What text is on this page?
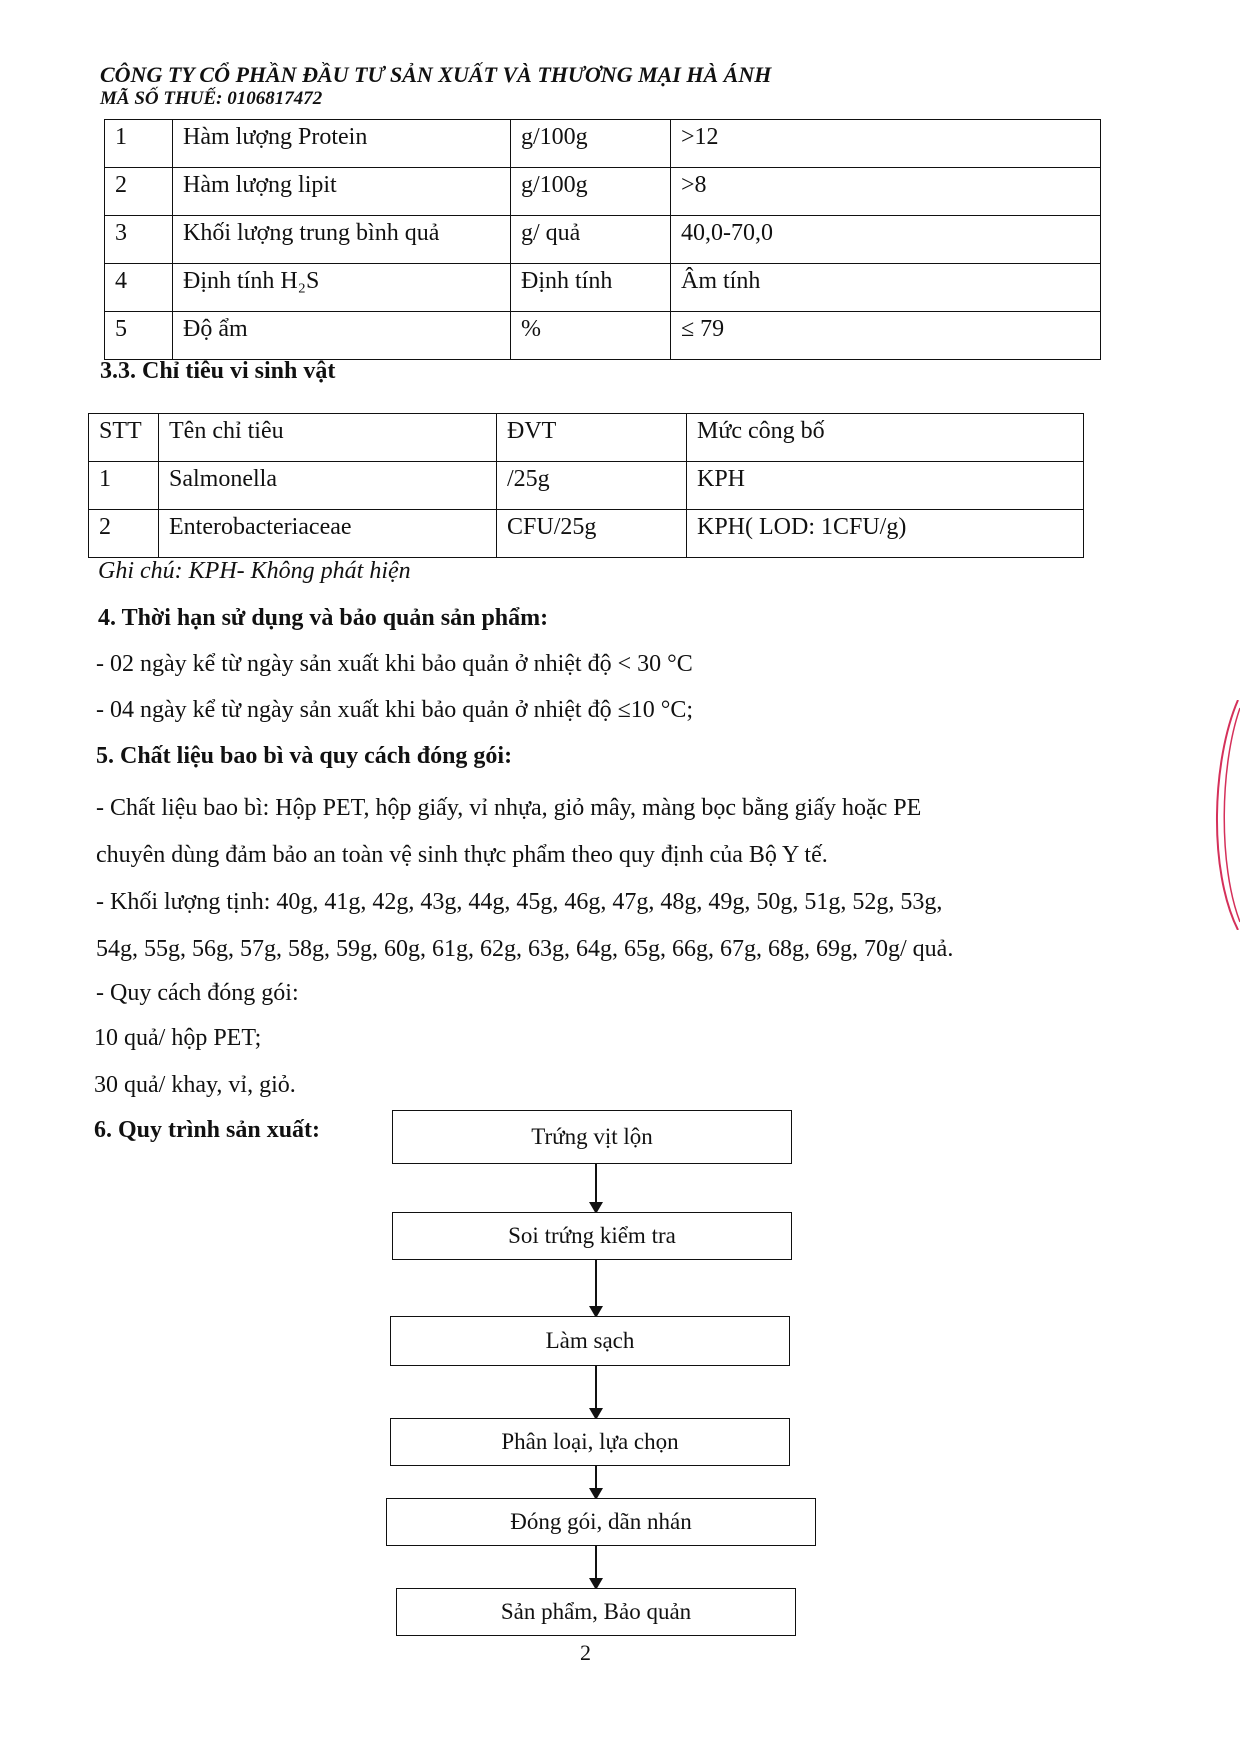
CÔNG TY CỔ PHẦN ĐẦU TƯ SẢN XUẤT VÀ THƯƠNG MẠI HÀ ÁNH
MÃ SỐ THUẾ: 0106817472
1	Hàm lượng Protein	g/100g	>12
2	Hàm lượng lipit	g/100g	>8
3	Khối lượng trung bình quả	g/ quả	40,0-70,0
4	Định tính H₂S	Định tính	Âm tính
5	Độ ẩm	%	≤ 79
3.3. Chỉ tiêu vi sinh vật
STT	Tên chỉ tiêu	ĐVT	Mức công bố
1	Salmonella	/25g	KPH
2	Enterobacteriaceae	CFU/25g	KPH( LOD: 1CFU/g)
Ghi chú: KPH- Không phát hiện
4. Thời hạn sử dụng và bảo quản sản phẩm:
- 02 ngày kể từ ngày sản xuất khi bảo quản ở nhiệt độ < 30 °C
- 04 ngày kể từ ngày sản xuất khi bảo quản ở nhiệt độ ≤10 °C;
5. Chất liệu bao bì và quy cách đóng gói:
- Chất liệu bao bì: Hộp PET, hộp giấy, vỉ nhựa, giỏ mây, màng bọc bằng giấy hoặc PE
chuyên dùng đảm bảo an toàn vệ sinh thực phẩm theo quy định của Bộ Y tế.
- Khối lượng tịnh: 40g, 41g, 42g, 43g, 44g, 45g, 46g, 47g, 48g, 49g, 50g, 51g, 52g, 53g,
54g, 55g, 56g, 57g, 58g, 59g, 60g, 61g, 62g, 63g, 64g, 65g, 66g, 67g, 68g, 69g, 70g/ quả.
- Quy cách đóng gói:
10 quả/ hộp PET;
30 quả/ khay, vỉ, giỏ.
6. Quy trình sản xuất:	Trứng vịt lộn
Soi trứng kiểm tra
Làm sạch
Phân loại, lựa chọn
Đóng gói, dãn nhán
Sản phẩm, Bảo quản
2
